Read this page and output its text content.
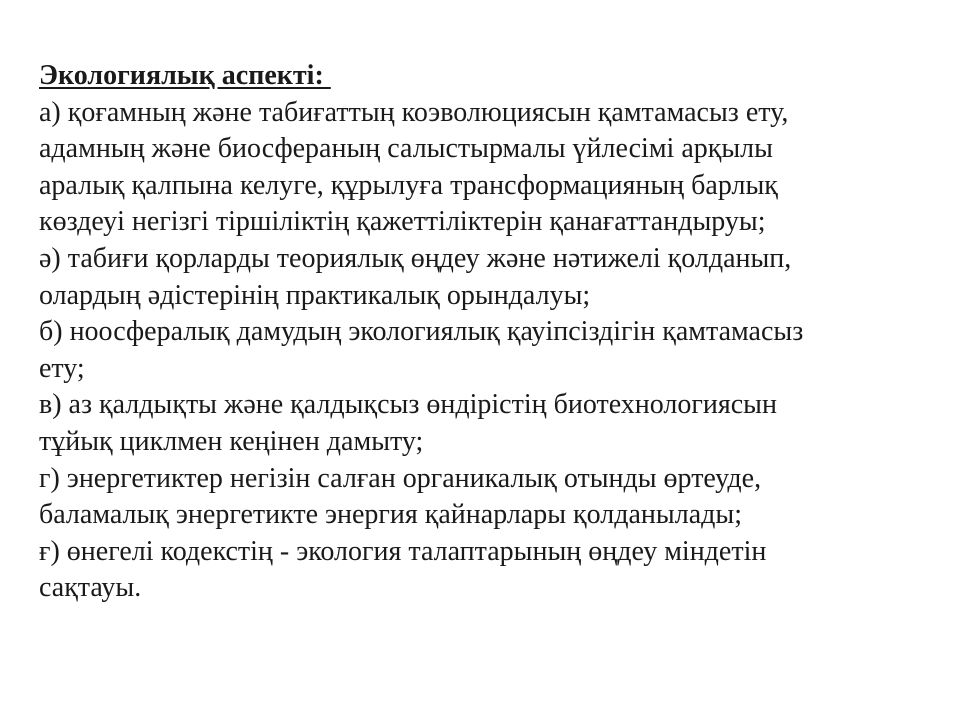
Экологиялық аспекті:
а) қоғамның және табиғаттың коэволюциясын қамтамасыз ету,
адамның және биосфераның салыстырмалы үйлесімі арқылы
аралық қалпына келуге, құрылуға трансформацияның барлық
көздеуі негізгі тіршіліктің қажеттіліктерін қанағаттандыруы;
ә) табиғи қорларды теориялық өңдеу және нәтижелі қолданып,
олардың әдістерінің практикалық орындалуы;
б) ноосфералық дамудың экологиялық қауіпсіздігін қамтамасыз
ету;
в) аз қалдықты және қалдықсыз өндірістің биотехнологиясын
тұйық циклмен кеңінен дамыту;
г) энергетиктер негізін салған органикалық отынды өртеуде,
баламалық энергетикте энергия қайнарлары қолданылады;
ғ) өнегелі кодекстің - экология талаптарының өңдеу міндетін
сақтауы.
